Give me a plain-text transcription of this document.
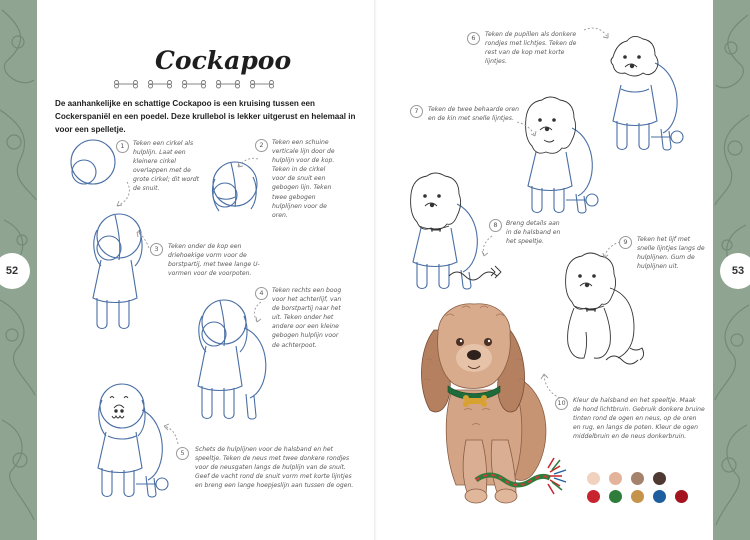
52	53
Cockapoo
De aanhankelijke en schattige Cockapoo is een kruising tussen een Cockerspaniël en een poedel. Deze krullebol is lekker uitgerust en helemaal in voor een spelletje.
1	Teken een cirkel als hulplijn. Laat een kleinere cirkel overlappen met de grote cirkel; dit wordt de snuit.
2	Teken een schuine verticale lijn door de hulplijn voor de kop. Teken in de cirkel voor de snuit een gebogen lijn. Teken twee gebogen hulplijnen voor de oren.
3	Teken onder de kop een driehoekige vorm voor de borstpartij, met twee lange U-vormen voor de voorpoten.
4	Teken rechts een boog voor het achterlijf, van de borstpartij naar het uit. Teken onder het andere oor een kleine gebogen hulplijn voor de achterpoot.
5	Schets de hulplijnen voor de halsband en het speeltje. Teken de neus met twee donkere rondjes voor de neusgaten langs de hulplijn van de snuit. Geef de vacht rond de snuit vorm met korte lijntjes en breng een lange hoepjeslijn aan tussen de ogen.
6	Teken de pupillen als donkere rondjes met lichtjes. Teken de rest van de kop met korte lijntjes.
7	Teken de twee behaarde oren en de kin met snelle lijntjes.
8	Breng details aan in de halsband en het speeltje.	9	Teken het lijf met snelle lijntjes langs de hulplijnen. Gum de hulplijnen uit.
10	Kleur de halsband en het speeltje. Maak de hond lichtbruin. Gebruik donkere bruine tinten rond de ogen en neus, op de oren en rug, en langs de poten. Kleur de ogen middelbruin en de neus donkerbruin.
